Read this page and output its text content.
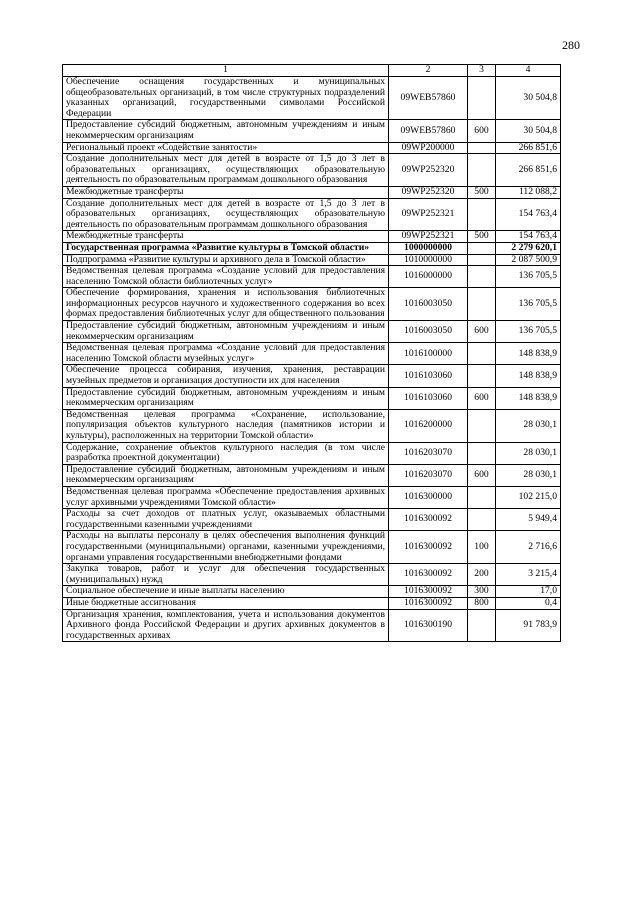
280
1	2	3	4
Обеспечение оснащения государственных и муниципальных общеобразовательных организаций, в том числе структурных подразделений указанных организаций, государственными символами Российской Федерации	09WEB57860		30 504,8
Предоставление субсидий бюджетным, автономным учреждениям и иным некоммерческим организациям	09WEB57860	600	30 504,8
Региональный проект «Содействие занятости»	09WP200000		266 851,6
Создание дополнительных мест для детей в возрасте от 1,5 до 3 лет в образовательных организациях, осуществляющих образовательную деятельность по образовательным программам дошкольного образования	09WP252320		266 851,6
Межбюджетные трансферты	09WP252320	500	112 088,2
Создание дополнительных мест для детей в возрасте от 1,5 до 3 лет в образовательных организациях, осуществляющих образовательную деятельность по образовательным программам дошкольного образования	09WP252321		154 763,4
Межбюджетные трансферты	09WP252321	500	154 763,4
Государственная программа «Развитие культуры в Томской области»	1000000000		2 279 620,1
Подпрограмма «Развитие культуры и архивного дела в Томской области»	1010000000		2 087 500,9
Ведомственная целевая программа «Создание условий для предоставления населению Томской области библиотечных услуг»	1016000000		136 705,5
Обеспечение формирования, хранения и использования библиотечных информационных ресурсов научного и художественного содержания во всех формах предоставления библиотечных услуг для общественного пользования	1016003050		136 705,5
Предоставление субсидий бюджетным, автономным учреждениям и иным некоммерческим организациям	1016003050	600	136 705,5
Ведомственная целевая программа «Создание условий для предоставления населению Томской области музейных услуг»	1016100000		148 838,9
Обеспечение процесса собирания, изучения, хранения, реставрации музейных предметов и организация доступности их для населения	1016103060		148 838,9
Предоставление субсидий бюджетным, автономным учреждениям и иным некоммерческим организациям	1016103060	600	148 838,9
Ведомственная целевая программа «Сохранение, использование, популяризация объектов культурного наследия (памятников истории и культуры), расположенных на территории Томской области»	1016200000		28 030,1
Содержание, сохранение объектов культурного наследия (в том числе разработка проектной документации)	1016203070		28 030,1
Предоставление субсидий бюджетным, автономным учреждениям и иным некоммерческим организациям	1016203070	600	28 030,1
Ведомственная целевая программа «Обеспечение предоставления архивных услуг архивными учреждениями Томской области»	1016300000		102 215,0
Расходы за счет доходов от платных услуг, оказываемых областными государственными казенными учреждениями	1016300092		5 949,4
Расходы на выплаты персоналу в целях обеспечения выполнения функций государственными (муниципальными) органами, казенными учреждениями, органами управления государственными внебюджетными фондами	1016300092	100	2 716,6
Закупка товаров, работ и услуг для обеспечения государственных (муниципальных) нужд	1016300092	200	3 215,4
Социальное обеспечение и иные выплаты населению	1016300092	300	17,0
Иные бюджетные ассигнования	1016300092	800	0,4
Организация хранения, комплектования, учета и использования документов Архивного фонда Российской Федерации и других архивных документов в государственных архивах	1016300190		91 783,9
